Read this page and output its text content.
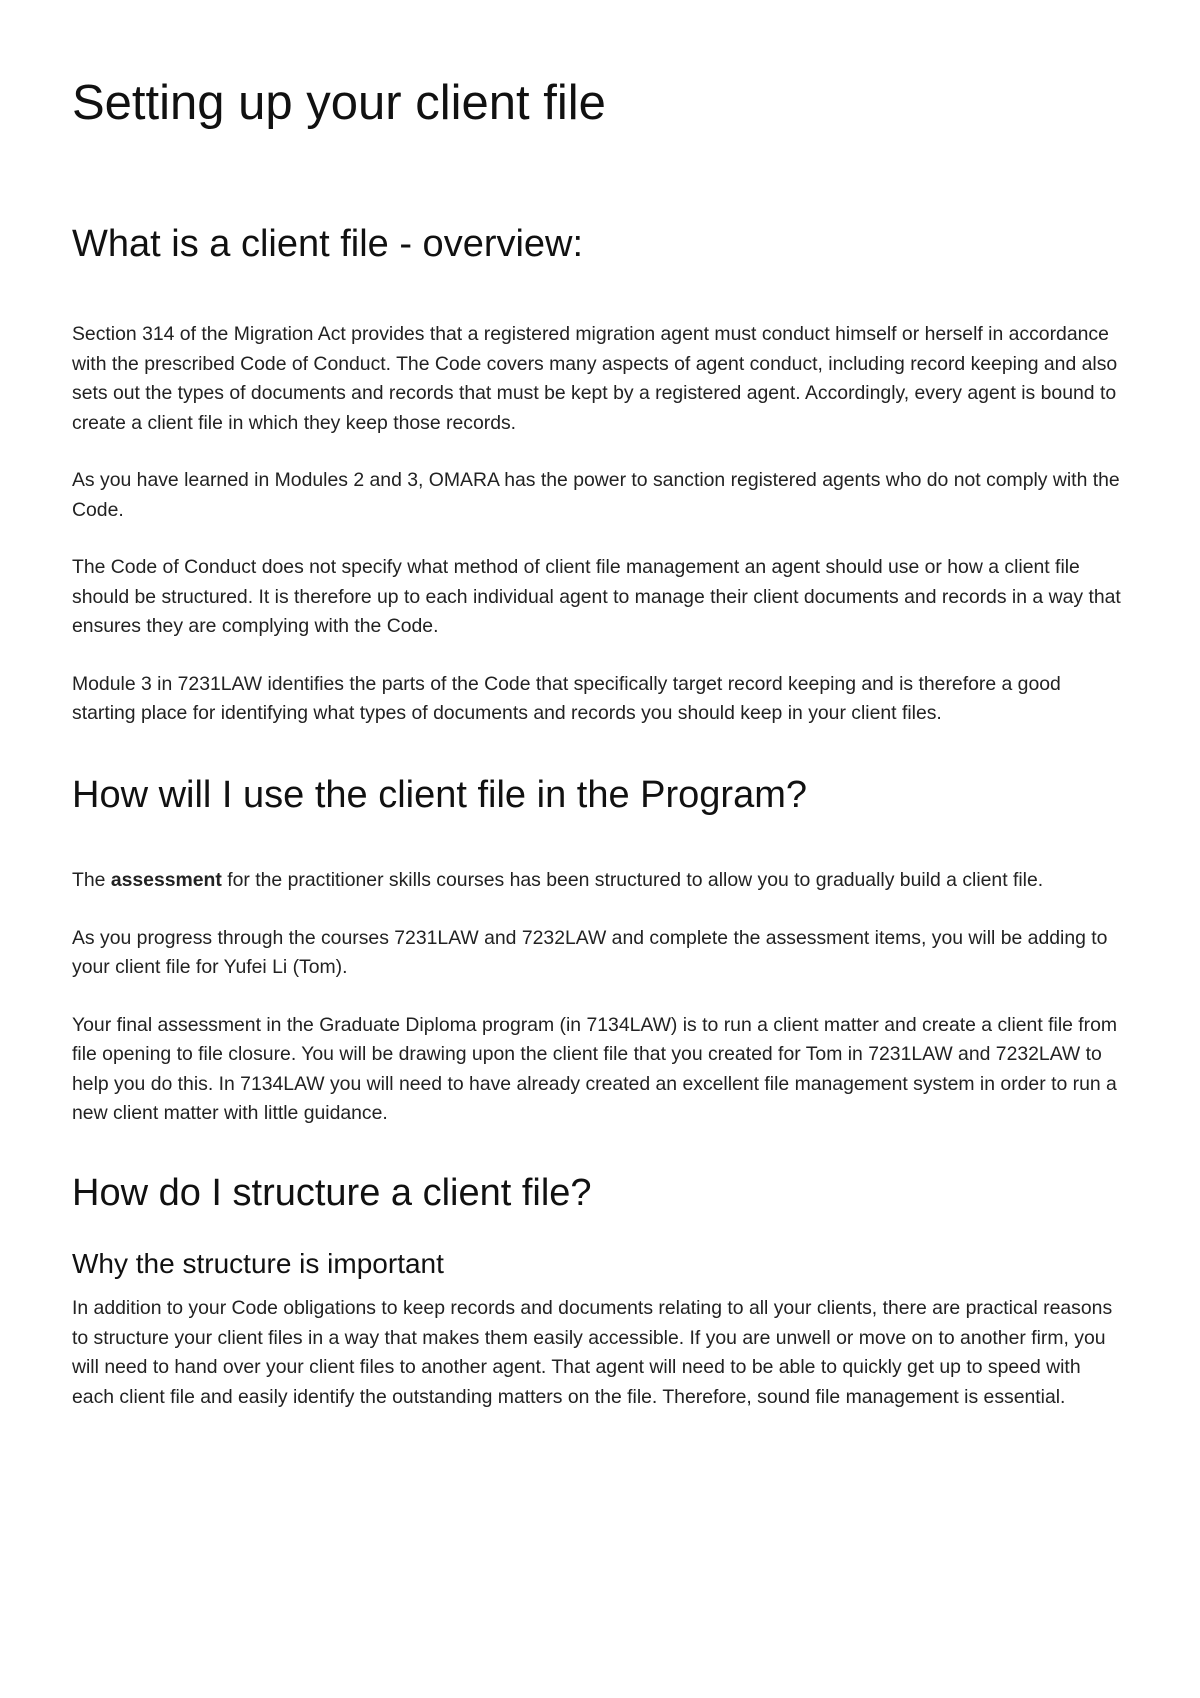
Setting up your client file
What is a client file - overview:

Section 314 of the Migration Act provides that a registered migration agent must conduct himself or herself in accordance with the prescribed Code of Conduct. The Code covers many aspects of agent conduct, including record keeping and also sets out the types of documents and records that must be kept by a registered agent. Accordingly, every agent is bound to create a client file in which they keep those records.

As you have learned in Modules 2 and 3, OMARA has the power to sanction registered agents who do not comply with the Code.

The Code of Conduct does not specify what method of client file management an agent should use or how a client file should be structured. It is therefore up to each individual agent to manage their client documents and records in a way that ensures they are complying with the Code.

Module 3 in 7231LAW identifies the parts of the Code that specifically target record keeping and is therefore a good starting place for identifying what types of documents and records you should keep in your client files.

How will I use the client file in the Program?

The assessment for the practitioner skills courses has been structured to allow you to gradually build a client file.

As you progress through the courses 7231LAW and 7232LAW and complete the assessment items, you will be adding to your client file for Yufei Li (Tom).

Your final assessment in the Graduate Diploma program (in 7134LAW) is to run a client matter and create a client file from file opening to file closure. You will be drawing upon the client file that you created for Tom in 7231LAW and 7232LAW to help you do this. In 7134LAW you will need to have already created an excellent file management system in order to run a new client matter with little guidance.

How do I structure a client file?
Why the structure is important

In addition to your Code obligations to keep records and documents relating to all your clients, there are practical reasons to structure your client files in a way that makes them easily accessible. If you are unwell or move on to another firm, you will need to hand over your client files to another agent. That agent will need to be able to quickly get up to speed with each client file and easily identify the outstanding matters on the file. Therefore, sound file management is essential.
